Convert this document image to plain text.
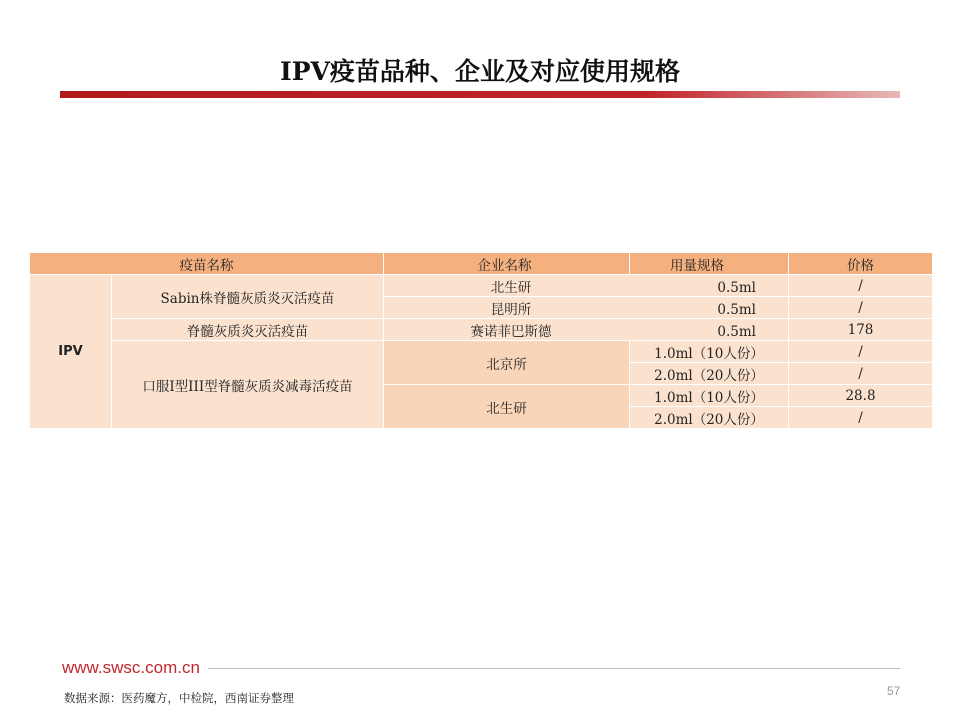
IPV疫苗品种、企业及对应使用规格
疫苗名称		企业名称	用量规格	价格
IPV	Sabin株脊髓灰质炎灭活疫苗	北生研 0.5ml		/
		昆明所 0.5ml		/
	脊髓灰质炎灭活疫苗	赛诺菲巴斯德 0.5ml		178
	口服I型III型脊髓灰质炎减毒活疫苗	北京所	1.0ml（10人份）	/
			2.0ml（20人份）	/
		北生研	1.0ml（10人份）	28.8
			2.0ml（20人份）	/
www.swsc.com.cn
57
数据来源：医药魔方，中检院，西南证券整理
